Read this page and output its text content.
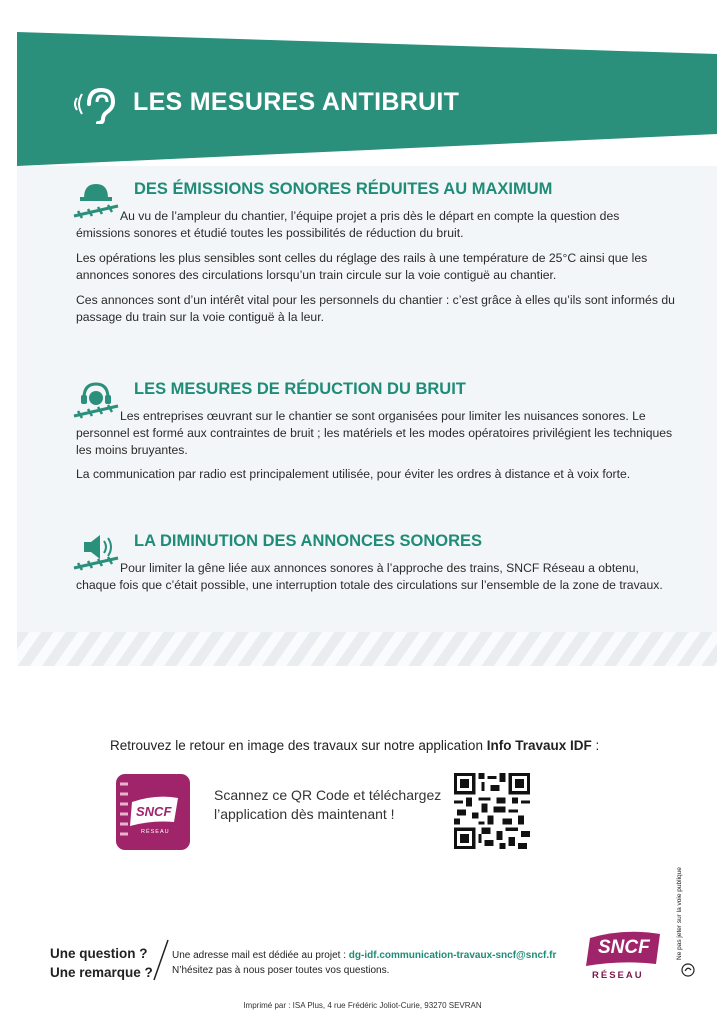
LES MESURES ANTIBRUIT
DES ÉMISSIONS SONORES RÉDUITES AU MAXIMUM

Au vu de l’ampleur du chantier, l’équipe projet a pris dès le départ en compte la question des émissions sonores et étudié toutes les possibilités de réduction du bruit.

Les opérations les plus sensibles sont celles du réglage des rails à une température de 25°C ainsi que les annonces sonores des circulations lorsqu’un train circule sur la voie contiguë au chantier.

Ces annonces sont d’un intérêt vital pour les personnels du chantier : c’est grâce à elles qu’ils sont informés du passage du train sur la voie contiguë à la leur.

LES MESURES DE RÉDUCTION DU BRUIT

Les entreprises œuvrant sur le chantier se sont organisées pour limiter les nuisances sonores. Le personnel est formé aux contraintes de bruit ; les matériels et les modes opératoires privilégient les techniques les moins bruyantes.

La communication par radio est principalement utilisée, pour éviter les ordres à distance et à voix forte.

LA DIMINUTION DES ANNONCES SONORES

Pour limiter la gêne liée aux annonces sonores à l’approche des trains, SNCF Réseau a obtenu, chaque fois que c’était possible, une interruption totale des circulations sur l’ensemble de la zone de travaux.

Retrouvez le retour en image des travaux sur notre application Info Travaux IDF :
SNCF
RÉSEAU
Scannez ce QR Code et téléchargez l’application dès maintenant !
Ne pas jeter sur la voie publique
Une question ?
Une remarque ?
Une adresse mail est dédiée au projet : dg-idf.communication-travaux-sncf@sncf.fr
N’hésitez pas à nous poser toutes vos questions.
SNCF
RÉSEAU
Imprimé par : ISA Plus, 4 rue Frédéric Joliot-Curie, 93270 SEVRAN
